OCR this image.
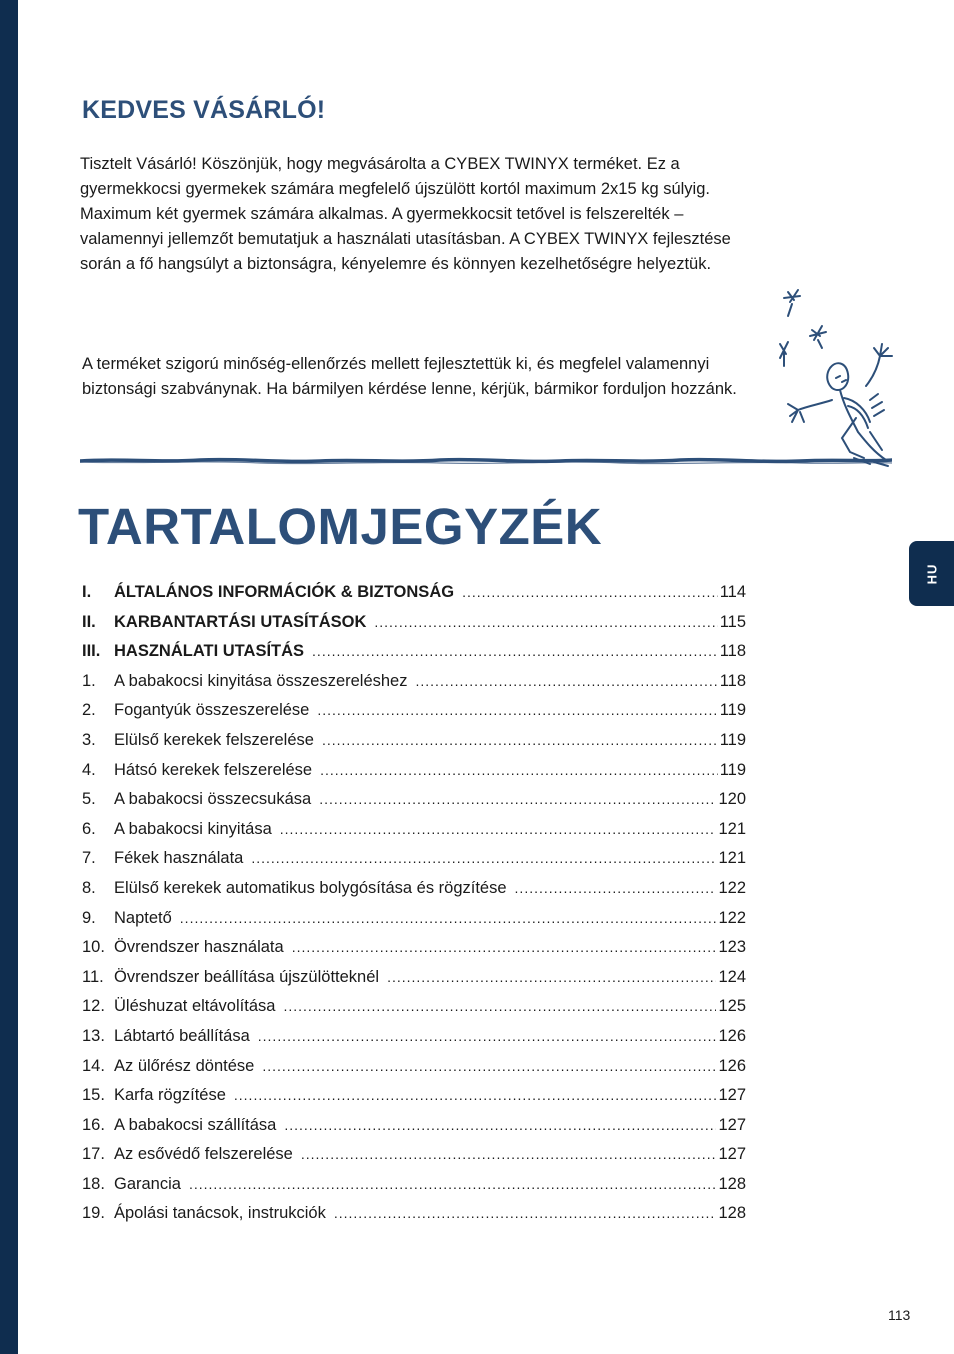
HU
KEDVES VÁSÁRLÓ!

Tisztelt Vásárló! Köszönjük, hogy megvásárolta a CYBEX TWINYX terméket. Ez a gyermekkocsi gyermekek számára megfelelő újszülött kortól maximum 2x15 kg súlyig. Maximum két gyermek számára alkalmas. A gyermekkocsit tetővel is felszerelték – valamennyi jellemzőt bemutatjuk a használati utasításban. A CYBEX TWINYX fejlesztése során a fő hangsúlyt a biztonságra, kényelemre és könnyen kezelhetőségre helyeztük.

A terméket szigorú minőség-ellenőrzés mellett fejlesztettük ki, és megfelel valamennyi biztonsági szabványnak. Ha bármilyen kérdése lenne, kérjük, bármikor forduljon hozzánk.

TARTALOMJEGYZÉK
I.	ÁLTALÁNOS INFORMÁCIÓK & BIZTONSÁG .....	114
II.	KARBANTARTÁSI UTASÍTÁSOK .....	115
III. HASZNÁLATI UTASÍTÁS .....	118
1.	A babakocsi kinyitása összeszereléshez .....	118
2.	Fogantyúk összeszerelése .....	119
3.	Elülső kerekek felszerelése .....	119
4.	Hátsó kerekek felszerelése .....	119
5.	A babakocsi összecsukása .....	120
6.	A babakocsi kinyitása .....	121
7.	Fékek használata .....	121
8.	Elülső kerekek automatikus bolygósítása és rögzítése .....	122
9.	Naptető .....	122
10. Övrendszer használata .....	123
11. Övrendszer beállítása újszülötteknél .....	124
12. Üléshuzat eltávolítása .....	125
13. Lábtartó beállítása .....	126
14. Az ülőrész döntése .....	126
15. Karfa rögzítése .....	127
16. A babakocsi szállítása .....	127
17. Az esővédő felszerelése .....	127
18. Garancia .....	128
19. Ápolási tanácsok, instrukciók .....	128
113
